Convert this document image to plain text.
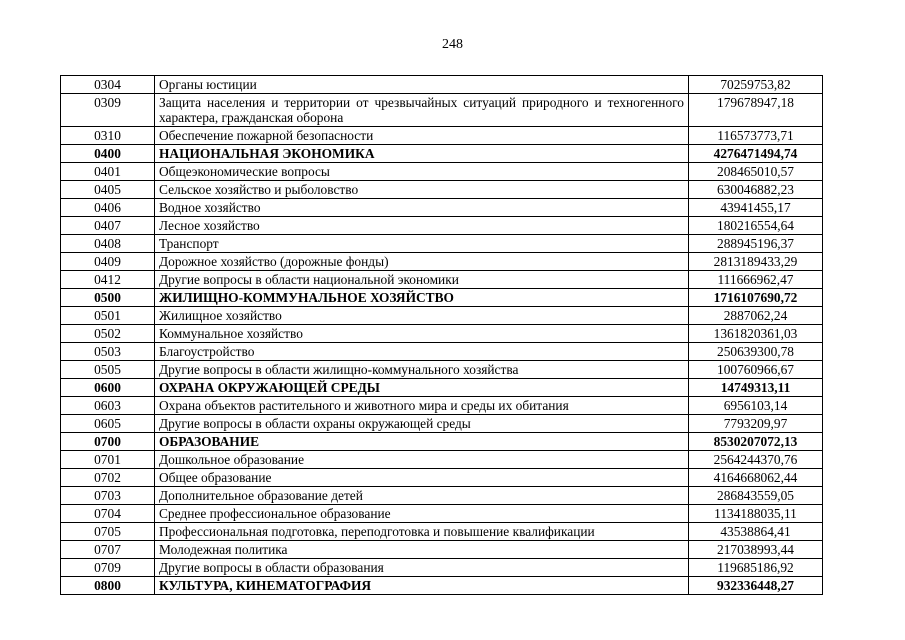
248
0304	Органы юстиции	70259753,82
0309	Защита населения и территории от чрезвычайных ситуаций природного и техногенного характера, гражданская оборона	179678947,18
0310	Обеспечение пожарной безопасности	116573773,71
0400	НАЦИОНАЛЬНАЯ ЭКОНОМИКА	4276471494,74
0401	Общеэкономические вопросы	208465010,57
0405	Сельское хозяйство и рыболовство	630046882,23
0406	Водное хозяйство	43941455,17
0407	Лесное хозяйство	180216554,64
0408	Транспорт	288945196,37
0409	Дорожное хозяйство (дорожные фонды)	2813189433,29
0412	Другие вопросы в области национальной экономики	111666962,47
0500	ЖИЛИЩНО-КОММУНАЛЬНОЕ ХОЗЯЙСТВО	1716107690,72
0501	Жилищное хозяйство	2887062,24
0502	Коммунальное хозяйство	1361820361,03
0503	Благоустройство	250639300,78
0505	Другие вопросы в области жилищно-коммунального хозяйства	100760966,67
0600	ОХРАНА ОКРУЖАЮЩЕЙ СРЕДЫ	14749313,11
0603	Охрана объектов растительного и животного мира и среды их обитания	6956103,14
0605	Другие вопросы в области охраны окружающей среды	7793209,97
0700	ОБРАЗОВАНИЕ	8530207072,13
0701	Дошкольное образование	2564244370,76
0702	Общее образование	4164668062,44
0703	Дополнительное образование детей	286843559,05
0704	Среднее профессиональное образование	1134188035,11
0705	Профессиональная подготовка, переподготовка и повышение квалификации	43538864,41
0707	Молодежная политика	217038993,44
0709	Другие вопросы в области образования	119685186,92
0800	КУЛЬТУРА, КИНЕМАТОГРАФИЯ	932336448,27
